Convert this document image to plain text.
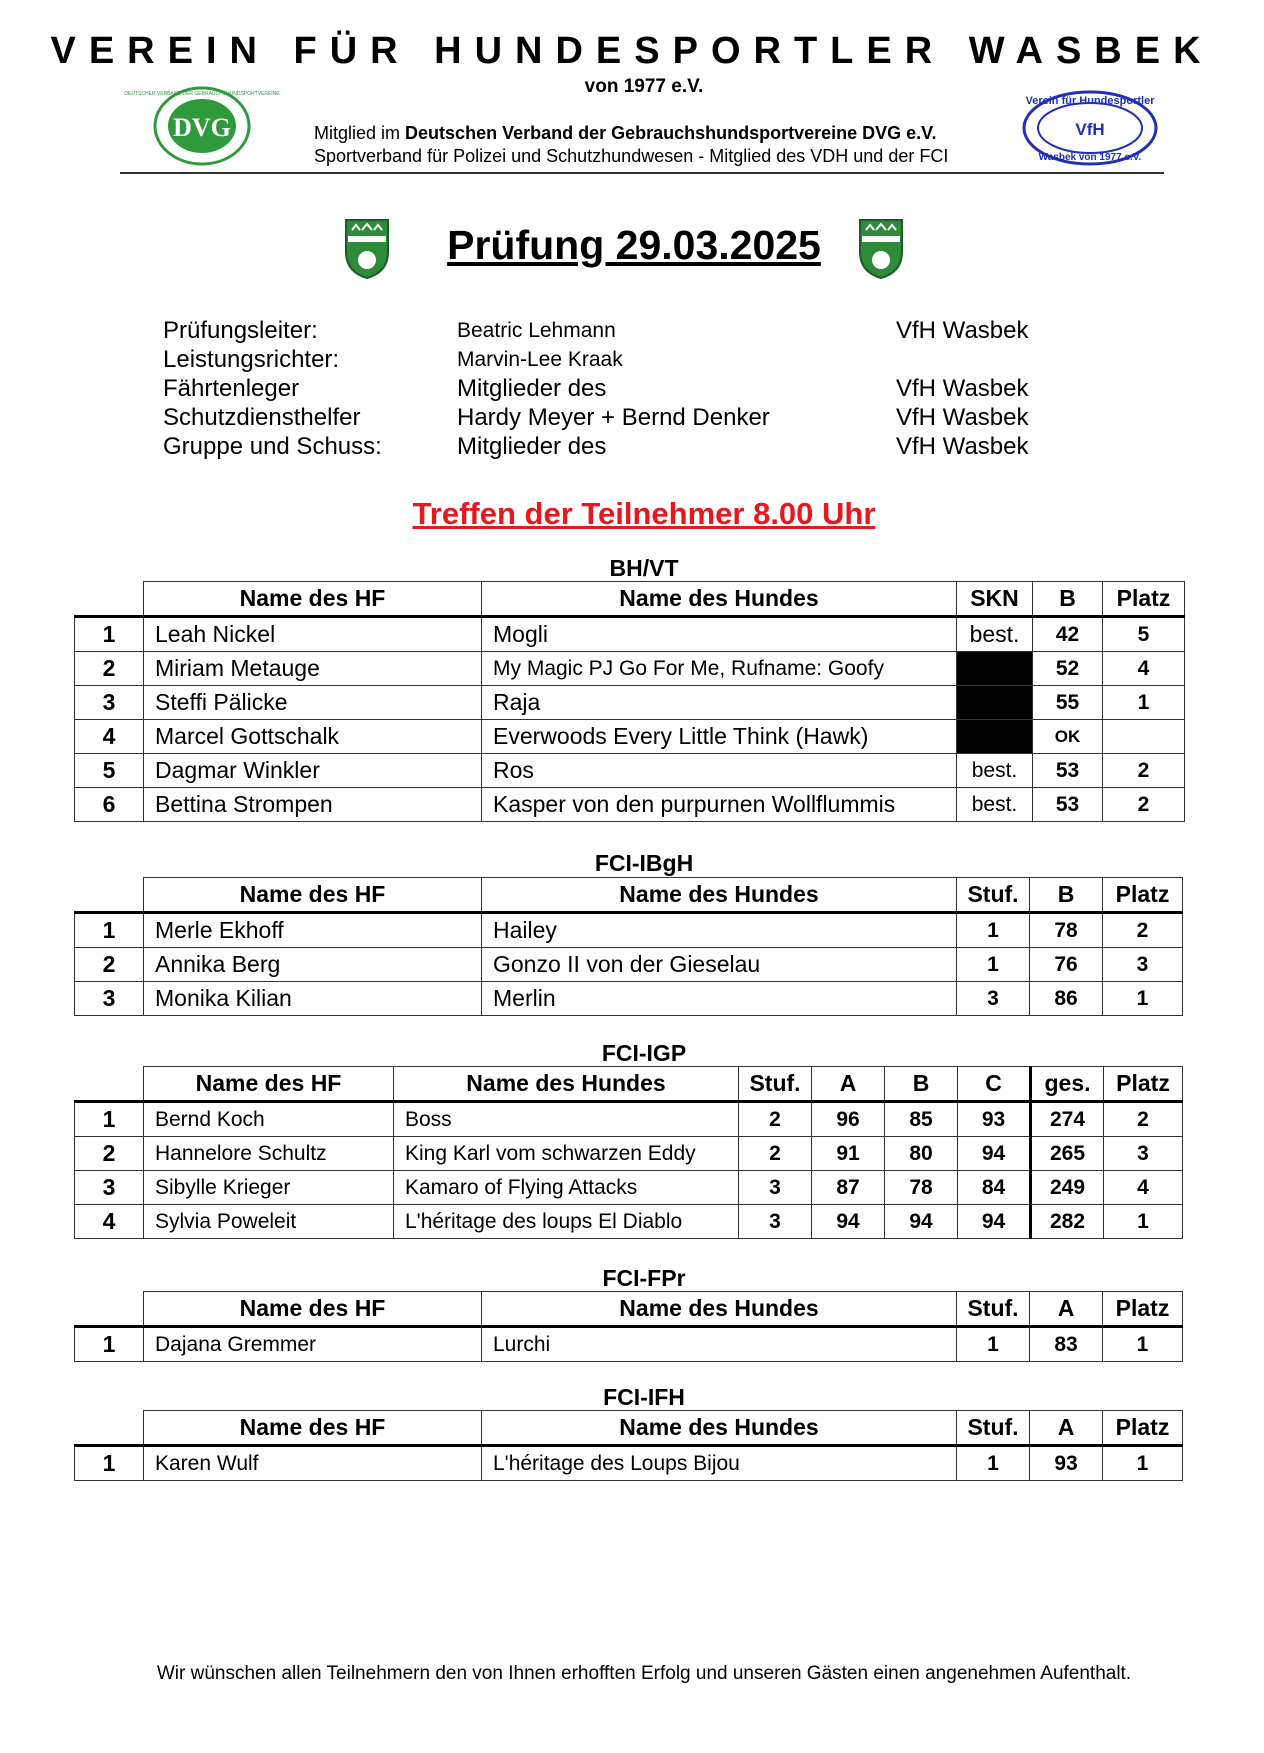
VEREIN FÜR HUNDESPORTLER WASBEK
von 1977 e.V.
DVG
DEUTSCHER VERBAND DER GEBRAUCHSHUNDSPORTVEREINE
Verein für Hundesportler
VfH
Wasbek von 1977 e.V.
Mitglied im Deutschen Verband der Gebrauchshundsportvereine DVG e.V.
Sportverband für Polizei und Schutzhundwesen - Mitglied des VDH und der FCI
Prüfung 29.03.2025
Prüfungsleiter:	Beatric Lehmann	VfH Wasbek
Leistungsrichter:	Marvin-Lee Kraak
Fährtenleger	Mitglieder des	VfH Wasbek
Schutzdiensthelfer	Hardy Meyer + Bernd Denker	VfH Wasbek
Gruppe und Schuss:	Mitglieder des	VfH Wasbek
Treffen der Teilnehmer 8.00 Uhr
BH/VT
	Name des HF	Name des Hundes	SKN	B	Platz
1	Leah Nickel	Mogli	best.	42	5
2	Miriam Metauge	My Magic PJ Go For Me, Rufname: Goofy		52	4
3	Steffi Pälicke	Raja		55	1
4	Marcel Gottschalk	Everwoods Every Little Think (Hawk)		OK	
5	Dagmar Winkler	Ros	best.	53	2
6	Bettina Strompen	Kasper von den purpurnen Wollflummis	best.	53	2
FCI-IBgH
	Name des HF	Name des Hundes	Stuf.	B	Platz
1	Merle Ekhoff	Hailey	1	78	2
2	Annika Berg	Gonzo II von der Gieselau	1	76	3
3	Monika Kilian	Merlin	3	86	1
FCI-IGP
	Name des HF	Name des Hundes	Stuf.	A	B	C	ges.	Platz
1	Bernd Koch	Boss	2	96	85	93	274	2
2	Hannelore Schultz	King Karl vom schwarzen Eddy	2	91	80	94	265	3
3	Sibylle Krieger	Kamaro of Flying Attacks	3	87	78	84	249	4
4	Sylvia Poweleit	L'héritage des loups El Diablo	3	94	94	94	282	1
FCI-FPr
	Name des HF	Name des Hundes	Stuf.	A	Platz
1	Dajana Gremmer	Lurchi	1	83	1
FCI-IFH
	Name des HF	Name des Hundes	Stuf.	A	Platz
1	Karen Wulf	L'héritage des Loups Bijou	1	93	1
Wir wünschen allen Teilnehmern den von Ihnen erhofften Erfolg und unseren Gästen einen angenehmen Aufenthalt.
